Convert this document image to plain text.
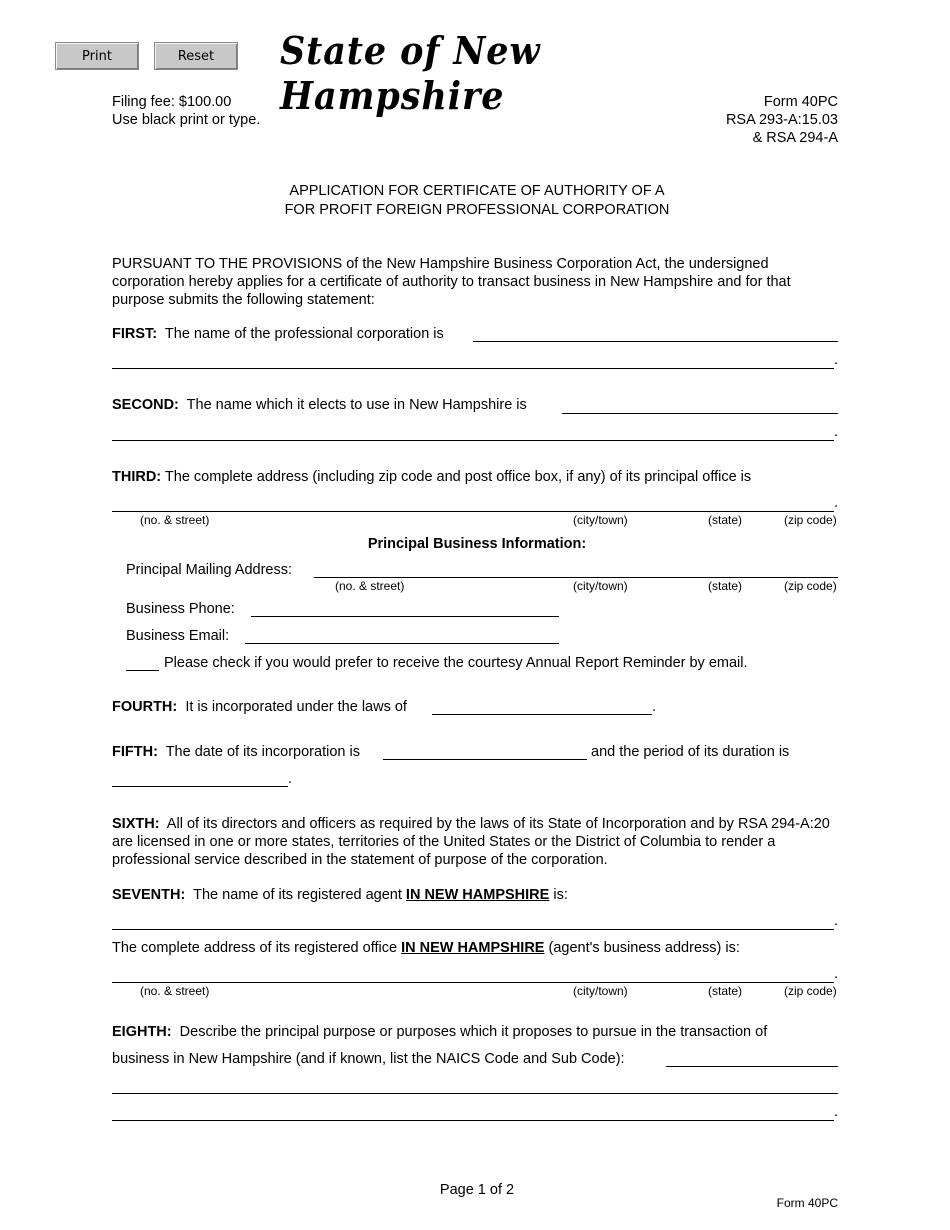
Print	Reset	State of New Hampshire
Filing fee: $100.00
Use black print or type.
Form 40PC
RSA 293-A:15.03
& RSA 294-A
APPLICATION FOR CERTIFICATE OF AUTHORITY OF A
FOR PROFIT FOREIGN PROFESSIONAL CORPORATION
PURSUANT TO THE PROVISIONS of the New Hampshire Business Corporation Act, the undersigned corporation hereby applies for a certificate of authority to transact business in New Hampshire and for that purpose submits the following statement:
FIRST: The name of the professional corporation is
.
SECOND: The name which it elects to use in New Hampshire is
.
THIRD: The complete address (including zip code and post office box, if any) of its principal office is
.
(no. & street)	(city/town)	(state)	(zip code)
Principal Business Information:
Principal Mailing Address:
(no. & street)	(city/town)	(state)	(zip code)
Business Phone:
Business Email:
Please check if you would prefer to receive the courtesy Annual Report Reminder by email.
FOURTH: It is incorporated under the laws of	.
FIFTH: The date of its incorporation is	and the period of its duration is
.
SIXTH: All of its directors and officers as required by the laws of its State of Incorporation and by RSA 294-A:20 are licensed in one or more states, territories of the United States or the District of Columbia to render a professional service described in the statement of purpose of the corporation.
SEVENTH: The name of its registered agent IN NEW HAMPSHIRE is:
.
The complete address of its registered office IN NEW HAMPSHIRE (agent's business address) is:
.
(no. & street)	(city/town)	(state)	(zip code)
EIGHTH: Describe the principal purpose or purposes which it proposes to pursue in the transaction of
business in New Hampshire (and if known, list the NAICS Code and Sub Code):
.
Page 1 of 2
Form 40PC
